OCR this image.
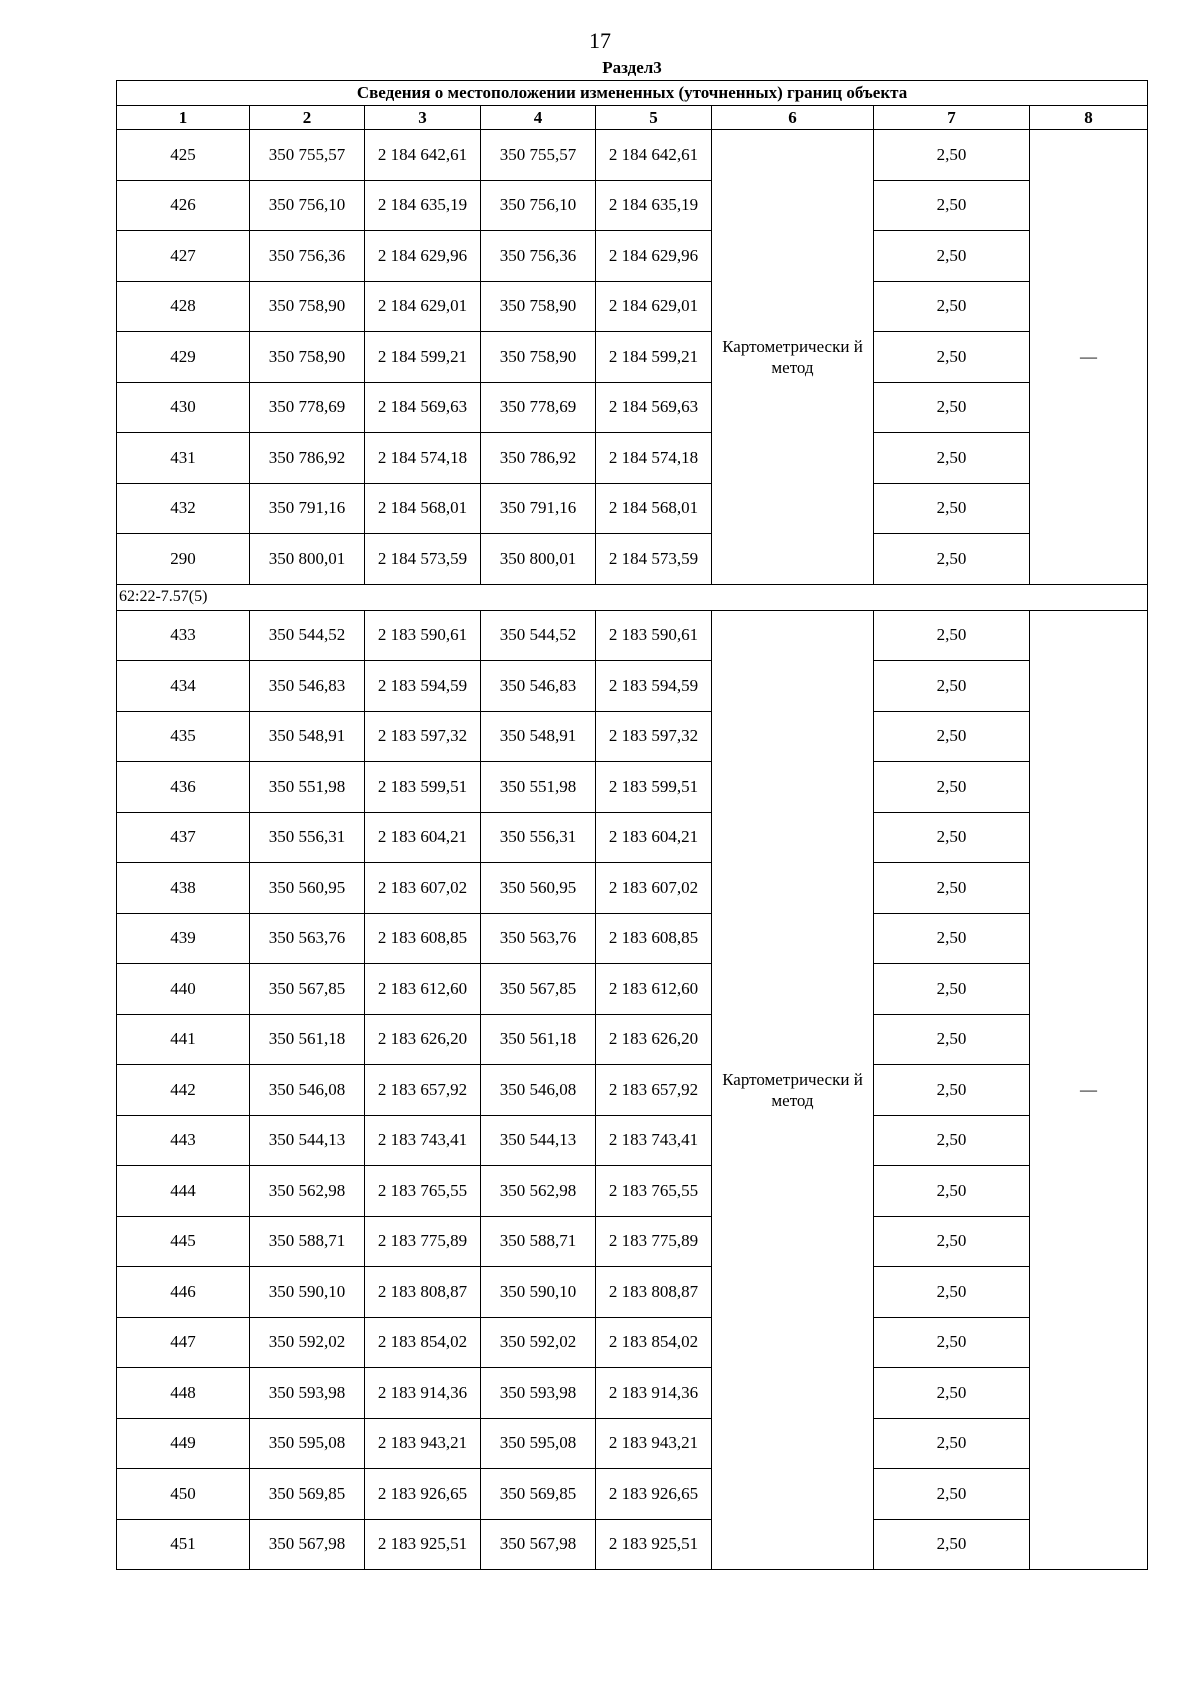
17
Раздел3
Сведения о местоположении измененных (уточненных) границ объекта							
1	2	3	4	5	6	7	8
425	350 755,57	2 184 642,61	350 755,57	2 184 642,61	Картометрически й метод	2,50	—
426	350 756,10	2 184 635,19	350 756,10	2 184 635,19		2,50	
427	350 756,36	2 184 629,96	350 756,36	2 184 629,96		2,50	
428	350 758,90	2 184 629,01	350 758,90	2 184 629,01		2,50	
429	350 758,90	2 184 599,21	350 758,90	2 184 599,21		2,50	
430	350 778,69	2 184 569,63	350 778,69	2 184 569,63		2,50	
431	350 786,92	2 184 574,18	350 786,92	2 184 574,18		2,50	
432	350 791,16	2 184 568,01	350 791,16	2 184 568,01		2,50	
290	350 800,01	2 184 573,59	350 800,01	2 184 573,59		2,50	
62:22-7.57(5)							
433	350 544,52	2 183 590,61	350 544,52	2 183 590,61	Картометрически й метод	2,50	—
434	350 546,83	2 183 594,59	350 546,83	2 183 594,59		2,50	
435	350 548,91	2 183 597,32	350 548,91	2 183 597,32		2,50	
436	350 551,98	2 183 599,51	350 551,98	2 183 599,51		2,50	
437	350 556,31	2 183 604,21	350 556,31	2 183 604,21		2,50	
438	350 560,95	2 183 607,02	350 560,95	2 183 607,02		2,50	
439	350 563,76	2 183 608,85	350 563,76	2 183 608,85		2,50	
440	350 567,85	2 183 612,60	350 567,85	2 183 612,60		2,50	
441	350 561,18	2 183 626,20	350 561,18	2 183 626,20		2,50	
442	350 546,08	2 183 657,92	350 546,08	2 183 657,92		2,50	
443	350 544,13	2 183 743,41	350 544,13	2 183 743,41		2,50	
444	350 562,98	2 183 765,55	350 562,98	2 183 765,55		2,50	
445	350 588,71	2 183 775,89	350 588,71	2 183 775,89		2,50	
446	350 590,10	2 183 808,87	350 590,10	2 183 808,87		2,50	
447	350 592,02	2 183 854,02	350 592,02	2 183 854,02		2,50	
448	350 593,98	2 183 914,36	350 593,98	2 183 914,36		2,50	
449	350 595,08	2 183 943,21	350 595,08	2 183 943,21		2,50	
450	350 569,85	2 183 926,65	350 569,85	2 183 926,65		2,50	
451	350 567,98	2 183 925,51	350 567,98	2 183 925,51		2,50	
